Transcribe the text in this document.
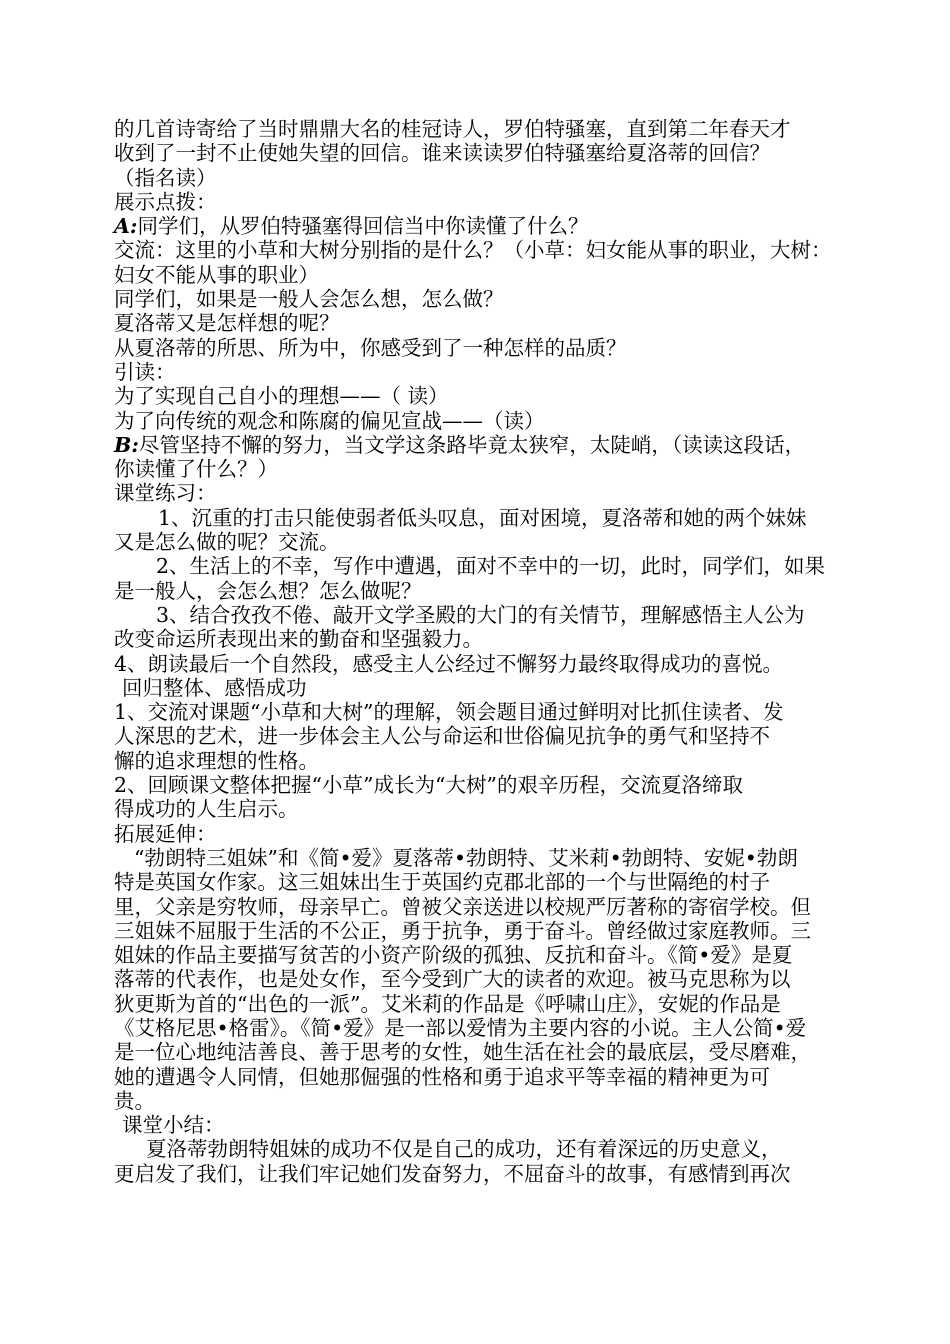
的几首诗寄给了当时鼎鼎大名的桂冠诗人，罗伯特骚塞，直到第二年春天才
收到了一封不止使她失望的回信。谁来读读罗伯特骚塞给夏洛蒂的回信？
（指名读）
展示点拨：
A:同学们，从罗伯特骚塞得回信当中你读懂了什么？
交流：这里的小草和大树分别指的是什么？（小草：妇女能从事的职业，大树：
妇女不能从事的职业）
同学们，如果是一般人会怎么想，怎么做？
夏洛蒂又是怎样想的呢？
从夏洛蒂的所思、所为中，你感受到了一种怎样的品质？
引读：
为了实现自己自小的理想——（ 读）
为了向传统的观念和陈腐的偏见宣战——（读）
B:尽管坚持不懈的努力，当文学这条路毕竟太狭窄，太陡峭，（读读这段话，
你读懂了什么？）
课堂练习：
1、沉重的打击只能使弱者低头叹息，面对困境，夏洛蒂和她的两个妹妹
又是怎么做的呢？交流。
2、生活上的不幸，写作中遭遇，面对不幸中的一切，此时，同学们，如果
是一般人，会怎么想？怎么做呢？
3、结合孜孜不倦、敲开文学圣殿的大门的有关情节，理解感悟主人公为
改变命运所表现出来的勤奋和坚强毅力。
4、朗读最后一个自然段，感受主人公经过不懈努力最终取得成功的喜悦。
回归整体、感悟成功
1、交流对课题“小草和大树”的理解，领会题目通过鲜明对比抓住读者、发
人深思的艺术，进一步体会主人公与命运和世俗偏见抗争的勇气和坚持不
懈的追求理想的性格。
2、回顾课文整体把握“小草”成长为“大树”的艰辛历程，交流夏洛缔取
得成功的人生启示。
拓展延伸：
“勃朗特三姐妹”和《简•爱》夏落蒂•勃朗特、艾米莉•勃朗特、安妮•勃朗
特是英国女作家。这三姐妹出生于英国约克郡北部的一个与世隔绝的村子
里，父亲是穷牧师，母亲早亡。曾被父亲送进以校规严厉著称的寄宿学校。但
三姐妹不屈服于生活的不公正，勇于抗争，勇于奋斗。曾经做过家庭教师。三
姐妹的作品主要描写贫苦的小资产阶级的孤独、反抗和奋斗。《简•爱》是夏
落蒂的代表作，也是处女作，至今受到广大的读者的欢迎。被马克思称为以
狄更斯为首的“出色的一派”。艾米莉的作品是《呼啸山庄》，安妮的作品是
《艾格尼思•格雷》。《简•爱》是一部以爱情为主要内容的小说。主人公简•爱
是一位心地纯洁善良、善于思考的女性，她生活在社会的最底层，受尽磨难，
她的遭遇令人同情，但她那倔强的性格和勇于追求平等幸福的精神更为可
贵。
课堂小结：
夏洛蒂勃朗特姐妹的成功不仅是自己的成功，还有着深远的历史意义，
更启发了我们，让我们牢记她们发奋努力，不屈奋斗的故事，有感情到再次
